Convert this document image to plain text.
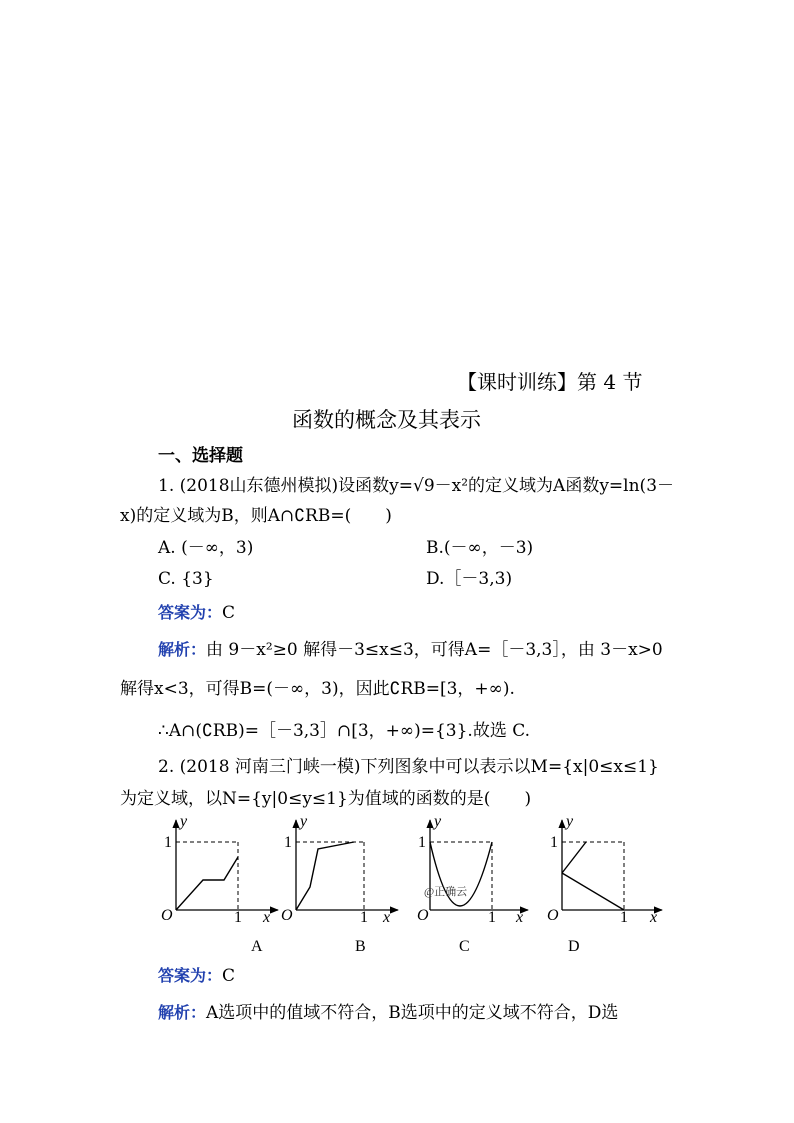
【课时训练】第 4 节
函数的概念及其表示
一、选择题
1. (2018山东德州模拟)设函数y=√9－x²的定义域为A函数y=ln(3－
x)的定义域为B，则A∩∁RB=(　　)
A. (－∞，3)	B.(－∞，－3)
C. {3}	D.［－3,3)
答案为：C
解析：由 9－x²≥0 解得－3≤x≤3，可得A=［－3,3］，由 3－x>0
解得x<3，可得B=(－∞，3)，因此∁RB=[3，+∞).
∴A∩(∁RB)=［－3,3］∩[3，+∞)={3}.故选 C.
2. (2018 河南三门峡一模)下列图象中可以表示以M={x|0≤x≤1}
为定义域，以N={y|0≤y≤1}为值域的函数的是(　　)
y
1
O	1 x
A
y
1
O	1 x
B
y
1
O	1 x
@正确云
C
y
1
O	1 x
D
答案为：C
解析：A选项中的值域不符合，B选项中的定义域不符合，D选
